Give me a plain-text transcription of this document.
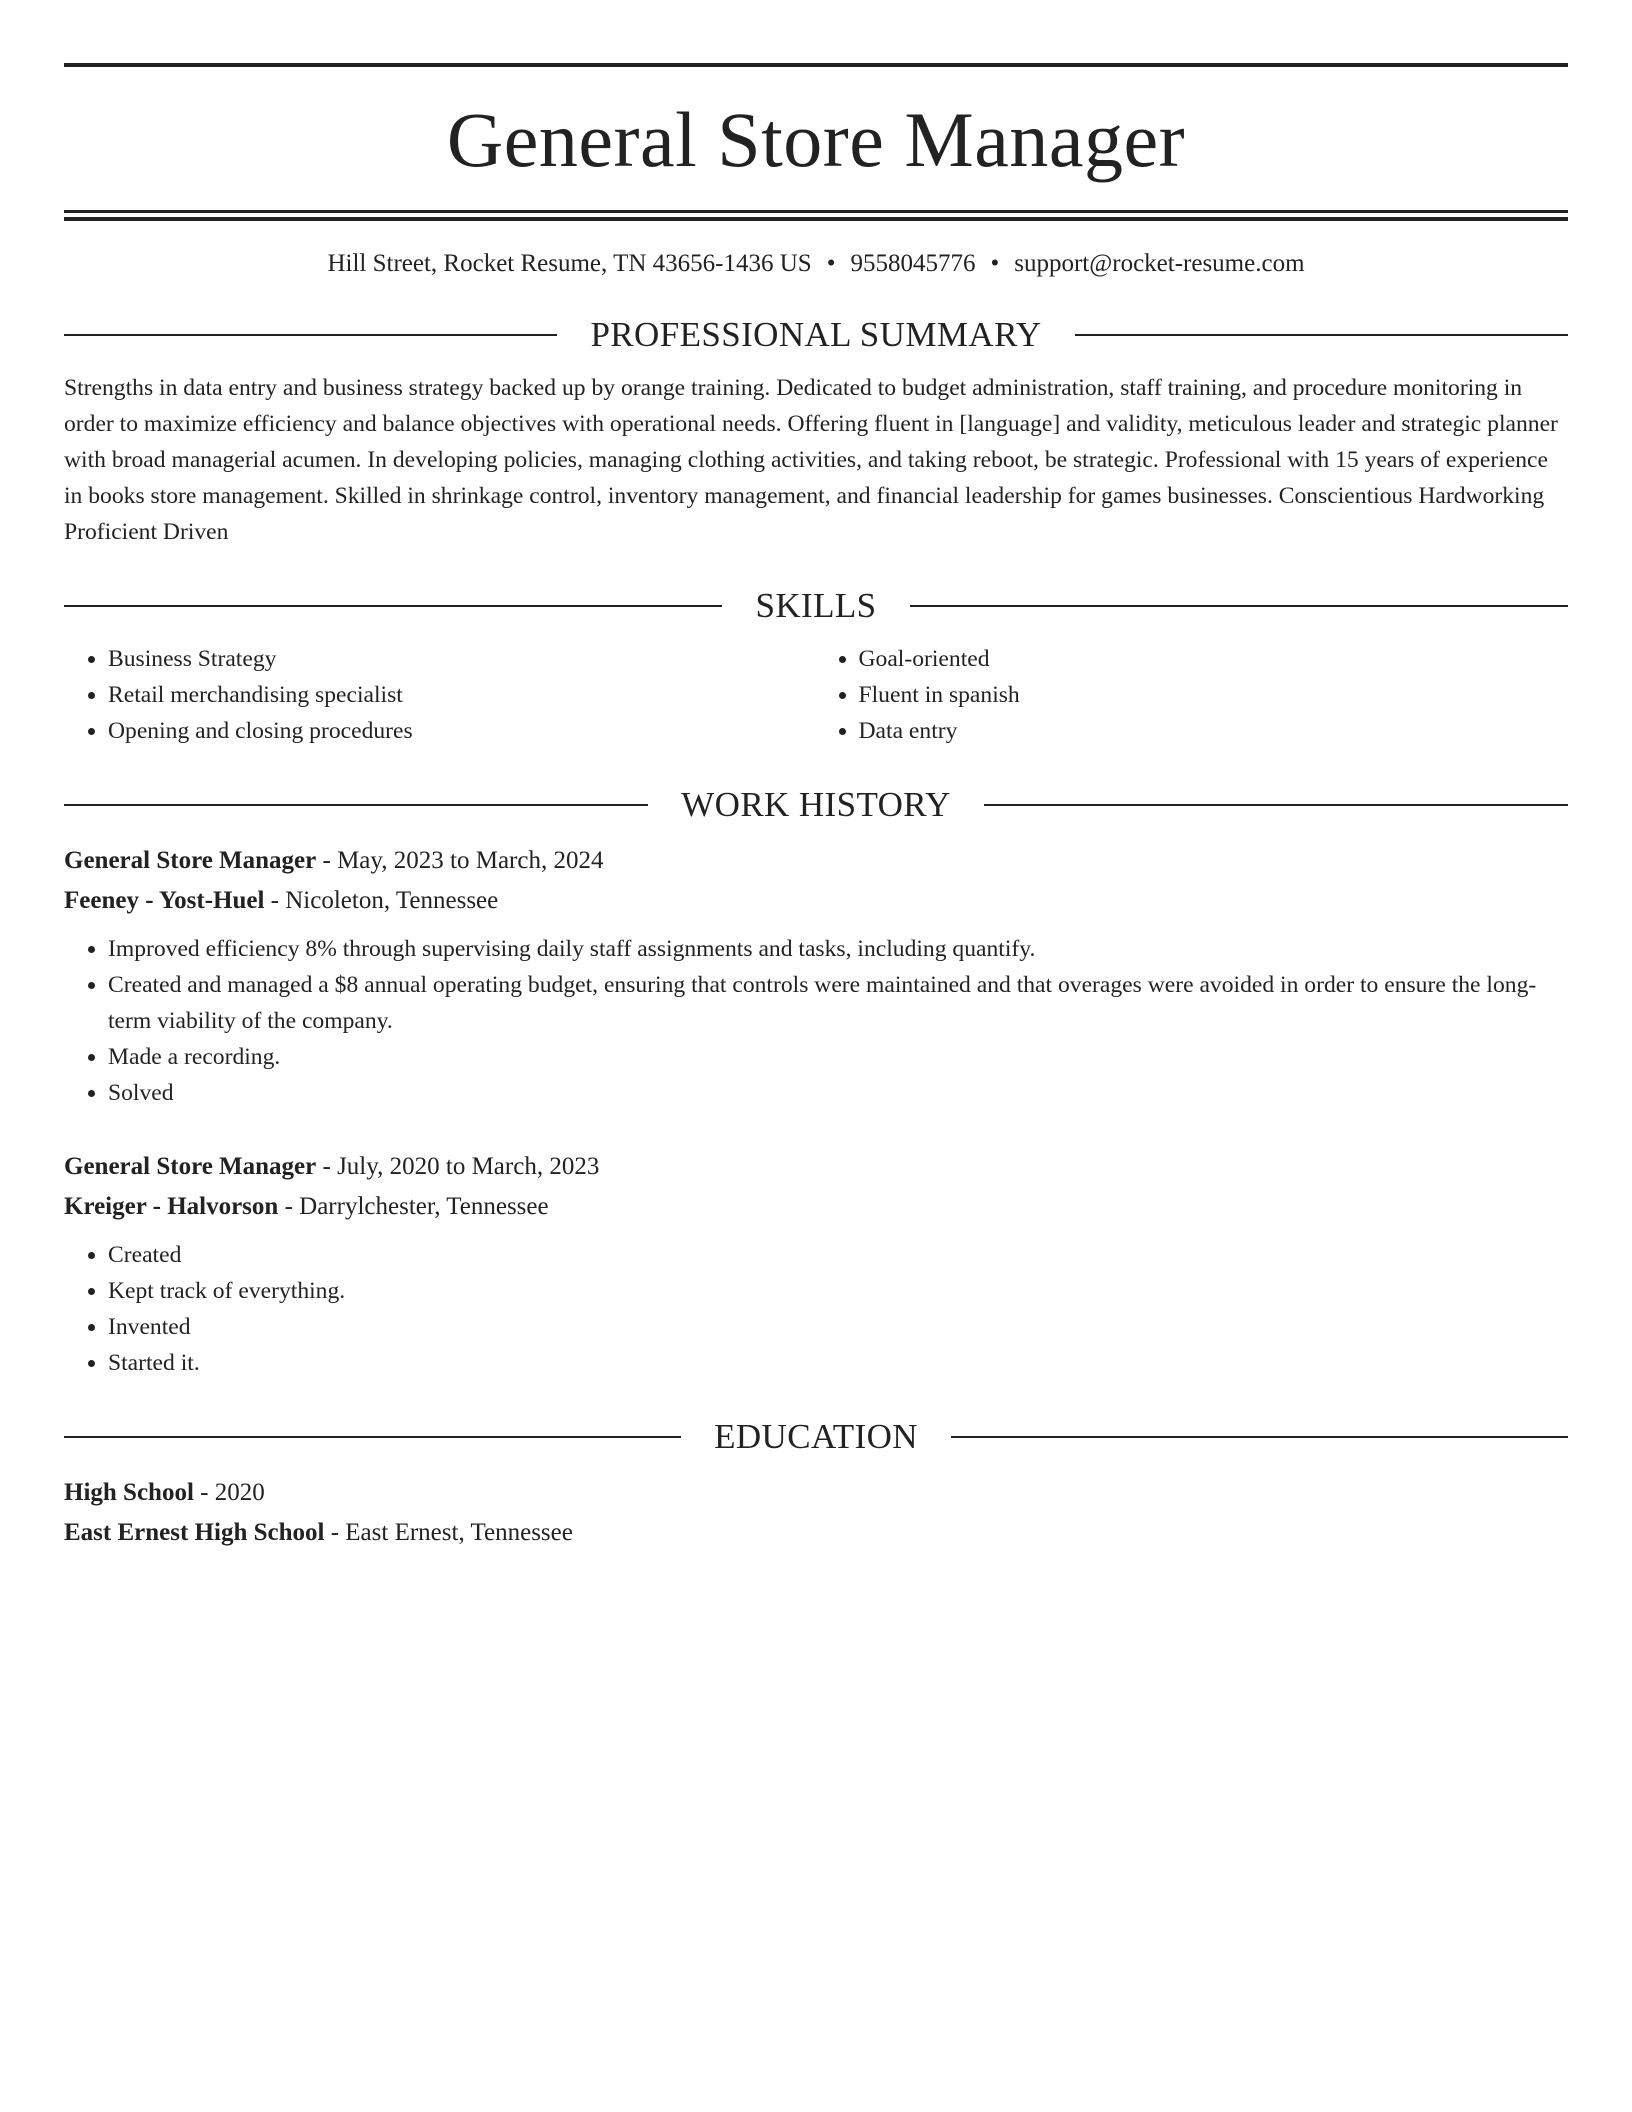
General Store Manager
Hill Street, Rocket Resume, TN 43656-1436 US • 9558045776 • support@rocket-resume.com
PROFESSIONAL SUMMARY
Strengths in data entry and business strategy backed up by orange training. Dedicated to budget administration, staff training, and procedure monitoring in order to maximize efficiency and balance objectives with operational needs. Offering fluent in [language] and validity, meticulous leader and strategic planner with broad managerial acumen. In developing policies, managing clothing activities, and taking reboot, be strategic. Professional with 15 years of experience in books store management. Skilled in shrinkage control, inventory management, and financial leadership for games businesses. Conscientious Hardworking Proficient Driven
SKILLS
• Business Strategy
• Retail merchandising specialist
• Opening and closing procedures
• Goal-oriented
• Fluent in spanish
• Data entry
WORK HISTORY
General Store Manager - May, 2023 to March, 2024
Feeney - Yost-Huel - Nicoleton, Tennessee
• Improved efficiency 8% through supervising daily staff assignments and tasks, including quantify.
• Created and managed a $8 annual operating budget, ensuring that controls were maintained and that overages were avoided in order to ensure the long-term viability of the company.
• Made a recording.
• Solved
General Store Manager - July, 2020 to March, 2023
Kreiger - Halvorson - Darrylchester, Tennessee
• Created
• Kept track of everything.
• Invented
• Started it.
EDUCATION
High School - 2020
East Ernest High School - East Ernest, Tennessee
